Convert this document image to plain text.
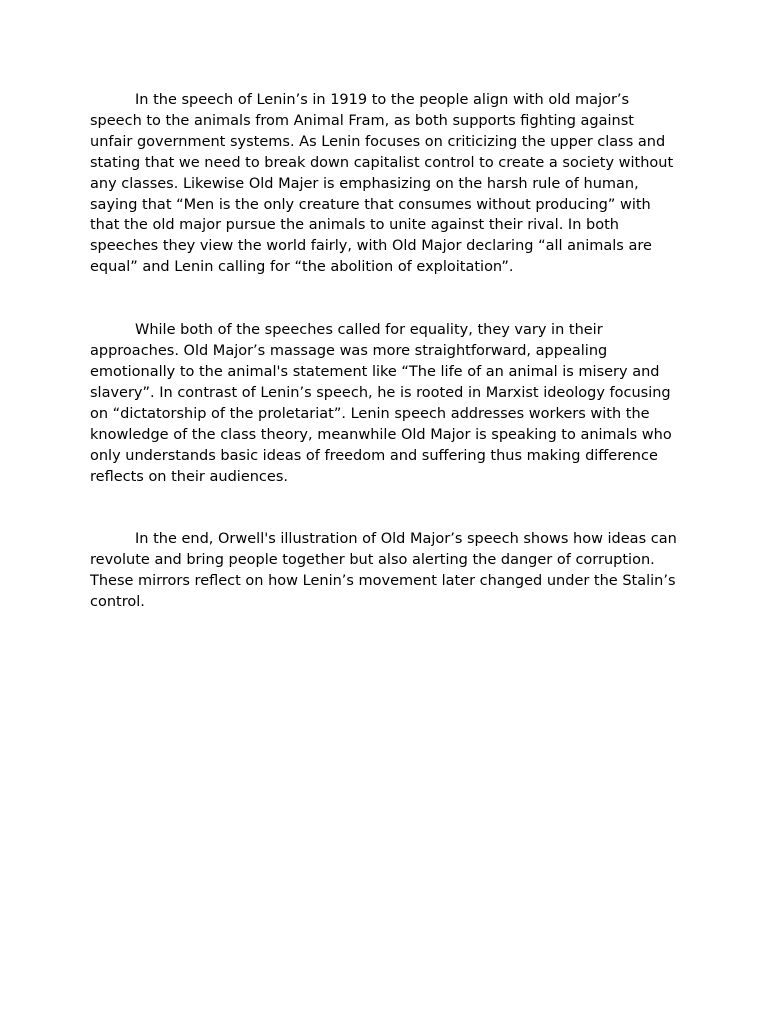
In the speech of Lenin’s in 1919 to the people align with old major’s speech to the animals from Animal Fram, as both supports fighting against unfair government systems. As Lenin focuses on criticizing the upper class and stating that we need to break down capitalist control to create a society without any classes. Likewise Old Majer is emphasizing on the harsh rule of human, saying that “Men is the only creature that consumes without producing” with that the old major pursue the animals to unite against their rival. In both speeches they view the world fairly, with Old Major declaring “all animals are equal” and Lenin calling for “the abolition of exploitation”.

While both of the speeches called for equality, they vary in their approaches. Old Major’s massage was more straightforward, appealing emotionally to the animal's statement like “The life of an animal is misery and slavery”. In contrast of Lenin’s speech, he is rooted in Marxist ideology focusing on “dictatorship of the proletariat”. Lenin speech addresses workers with the knowledge of the class theory, meanwhile Old Major is speaking to animals who only understands basic ideas of freedom and suffering thus making difference reflects on their audiences.

In the end, Orwell's illustration of Old Major’s speech shows how ideas can revolute and bring people together but also alerting the danger of corruption. These mirrors reflect on how Lenin’s movement later changed under the Stalin’s control.
